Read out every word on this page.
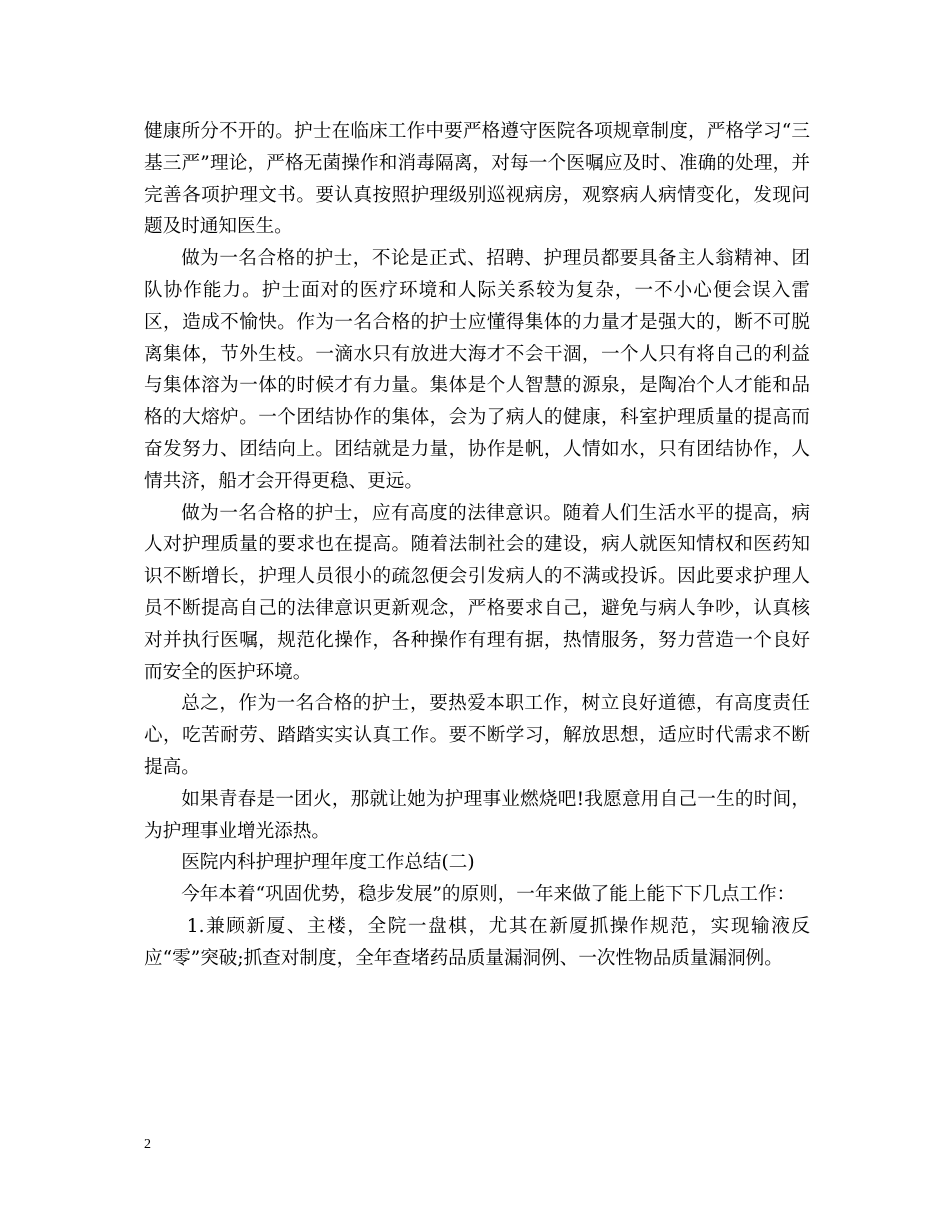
健康所分不开的。护士在临床工作中要严格遵守医院各项规章制度，严格学习“三基三严”理论，严格无菌操作和消毒隔离，对每一个医嘱应及时、准确的处理，并完善各项护理文书。要认真按照护理级别巡视病房，观察病人病情变化，发现问题及时通知医生。

做为一名合格的护士，不论是正式、招聘、护理员都要具备主人翁精神、团队协作能力。护士面对的医疗环境和人际关系较为复杂，一不小心便会误入雷区，造成不愉快。作为一名合格的护士应懂得集体的力量才是强大的，断不可脱离集体，节外生枝。一滴水只有放进大海才不会干涸，一个人只有将自己的利益与集体溶为一体的时候才有力量。集体是个人智慧的源泉，是陶冶个人才能和品格的大熔炉。一个团结协作的集体，会为了病人的健康，科室护理质量的提高而奋发努力、团结向上。团结就是力量，协作是帆，人情如水，只有团结协作，人情共济，船才会开得更稳、更远。

做为一名合格的护士，应有高度的法律意识。随着人们生活水平的提高，病人对护理质量的要求也在提高。随着法制社会的建设，病人就医知情权和医药知识不断增长，护理人员很小的疏忽便会引发病人的不满或投诉。因此要求护理人员不断提高自己的法律意识更新观念，严格要求自己，避免与病人争吵，认真核对并执行医嘱，规范化操作，各种操作有理有据，热情服务，努力营造一个良好而安全的医护环境。

总之，作为一名合格的护士，要热爱本职工作，树立良好道德，有高度责任心，吃苦耐劳、踏踏实实认真工作。要不断学习，解放思想，适应时代需求不断提高。

如果青春是一团火，那就让她为护理事业燃烧吧!我愿意用自己一生的时间，为护理事业增光添热。

医院内科护理护理年度工作总结(二)

今年本着“巩固优势，稳步发展”的原则，一年来做了能上能下下几点工作：

1.兼顾新厦、主楼，全院一盘棋，尤其在新厦抓操作规范，实现输液反应“零”突破;抓查对制度，全年查堵药品质量漏洞例、一次性物品质量漏洞例。

2
